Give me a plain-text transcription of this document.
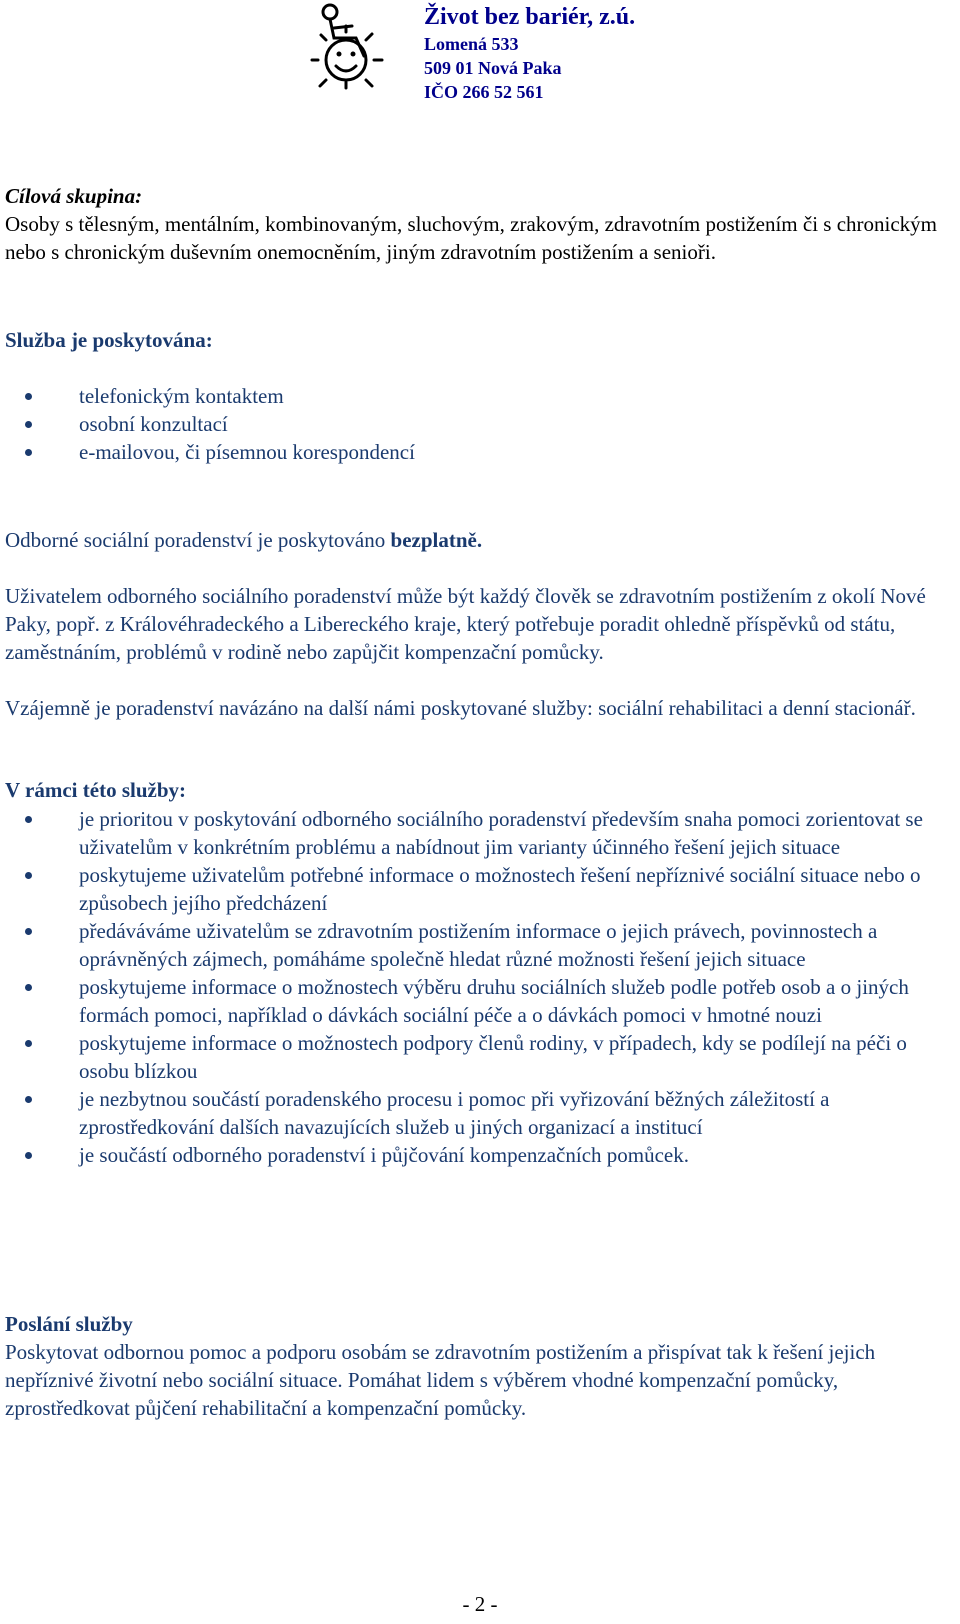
Život bez bariér, z.ú.
Lomená 533
509 01 Nová Paka
IČO 266 52 561
Cílová skupina:
Osoby s tělesným, mentálním, kombinovaným, sluchovým, zrakovým, zdravotním postižením či s chronickým nebo s chronickým duševním onemocněním, jiným zdravotním postižením a senioři.
Služba je poskytována:
telefonickým kontaktem
osobní konzultací
e-mailovou, či písemnou korespondencí
Odborné sociální poradenství je poskytováno bezplatně.
Uživatelem odborného sociálního poradenství může být každý člověk se zdravotním postižením z okolí Nové Paky, popř. z Královéhradeckého a Libereckého kraje, který potřebuje poradit ohledně příspěvků od státu, zaměstnáním, problémů v rodině nebo zapůjčit kompenzační pomůcky.
Vzájemně je poradenství navázáno na další námi poskytované služby: sociální rehabilitaci a denní stacionář.
V rámci této služby:
je prioritou v poskytování odborného sociálního poradenství především snaha pomoci zorientovat se uživatelům v konkrétním problému a nabídnout jim varianty účinného řešení jejich situace
poskytujeme uživatelům potřebné informace o možnostech řešení nepříznivé sociální situace nebo o způsobech jejího předcházení
předáváváme uživatelům se zdravotním postižením informace o jejich právech, povinnostech a oprávněných zájmech, pomáháme společně hledat různé možnosti řešení jejich situace
poskytujeme informace o možnostech výběru druhu sociálních služeb podle potřeb osob a o jiných formách pomoci, například o dávkách sociální péče a o dávkách pomoci v hmotné nouzi
poskytujeme informace o možnostech podpory členů rodiny, v případech, kdy se podílejí na péči o osobu blízkou
je nezbytnou součástí poradenského procesu i pomoc při vyřizování běžných záležitostí a zprostředkování dalších navazujících služeb u jiných organizací a institucí
je součástí odborného poradenství i půjčování kompenzačních pomůcek.
Poslání služby
Poskytovat odbornou pomoc a podporu osobám se zdravotním postižením a přispívat tak k řešení jejich nepříznivé životní nebo sociální situace. Pomáhat lidem s výběrem vhodné kompenzační pomůcky, zprostředkovat půjčení rehabilitační a kompenzační pomůcky.
- 2 -
